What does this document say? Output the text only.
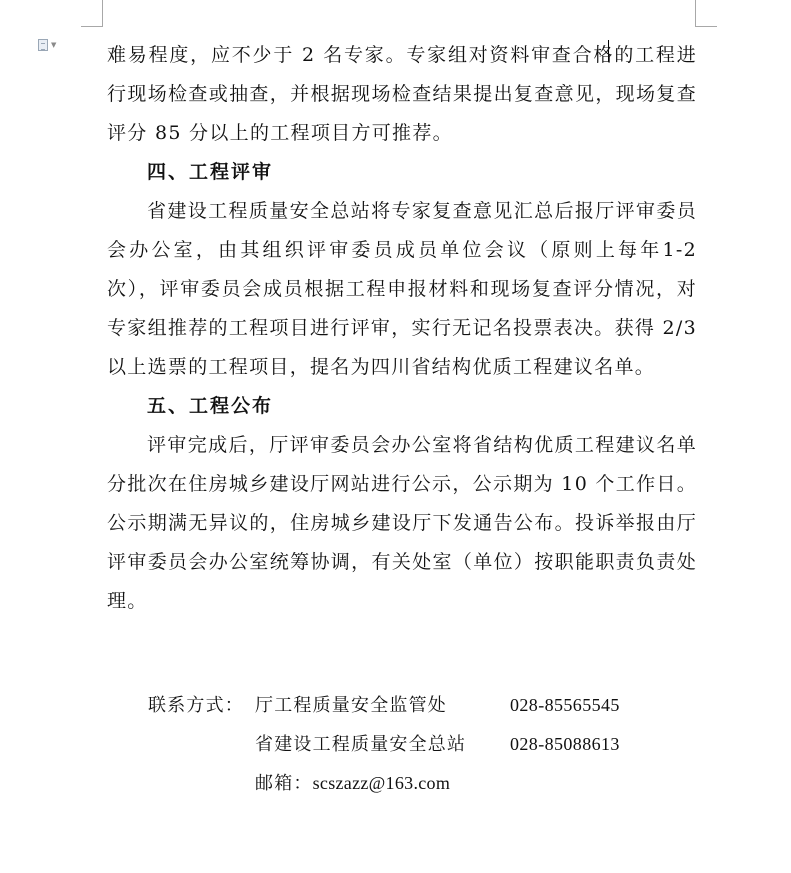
▼	难易程度，应不少于 2 名专家。专家组对资料审查合格的工程进行现场检查或抽查，并根据现场检查结果提出复查意见，现场复查评分 85 分以上的工程项目方可推荐。

四、工程评审

省建设工程质量安全总站将专家复查意见汇总后报厅评审委员会办公室，由其组织评审委员成员单位会议（原则上每年1-2 次），评审委员会成员根据工程申报材料和现场复查评分情况，对专家组推荐的工程项目进行评审，实行无记名投票表决。获得 2/3 以上选票的工程项目，提名为四川省结构优质工程建议名单。

五、工程公布

评审完成后，厅评审委员会办公室将省结构优质工程建议名单分批次在住房城乡建设厅网站进行公示，公示期为 10 个工作日。公示期满无异议的，住房城乡建设厅下发通告公布。投诉举报由厅评审委员会办公室统筹协调，有关处室（单位）按职能职责负责处理。

联系方式： 厅工程质量安全监管处	028-85565545
省建设工程质量安全总站	028-85088613
邮箱： scszazz@163.com
